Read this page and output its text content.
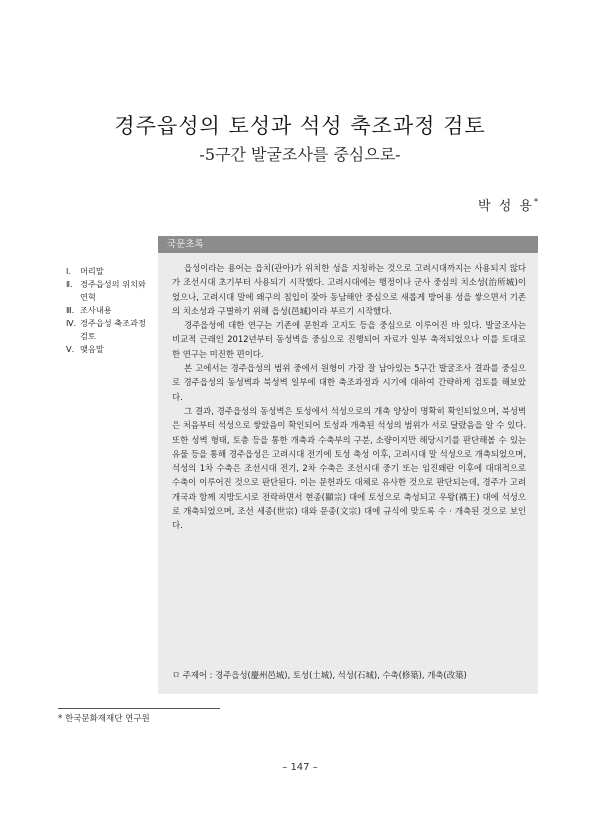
경주읍성의 토성과 석성 축조과정 검토
-5구간 발굴조사를 중심으로-
박 성 용*
Ⅰ.	머리말
Ⅱ. 경주읍성의 위치와
연혁
Ⅲ. 조사내용
Ⅳ. 경주읍성 축조과정
검토
Ⅴ. 맺음말
국문초록

읍성이라는 용어는 읍치(관아)가 위치한 성을 지칭하는 것으로 고려시대까지는 사용되지 않다가 조선시대 초기부터 사용되기 시작했다. 고려시대에는 행정이나 군사 중심의 치소성(治所城)이었으나, 고려시대 말에 왜구의 침입이 잦아 동남해안 중심으로 새롭게 방어용 성을 쌓으면서 기존의 치소성과 구별하기 위해 읍성(邑城)이라 부르기 시작했다.

경주읍성에 대한 연구는 기존에 문헌과 고지도 등을 중심으로 이루어진 바 있다. 발굴조사는 비교적 근래인 2012년부터 동성벽을 중심으로 진행되어 자료가 일부 축적되었으나 이를 토대로 한 연구는 미진한 편이다.

본 고에서는 경주읍성의 범위 중에서 원형이 가장 잘 남아있는 5구간 발굴조사 결과를 중심으로 경주읍성의 동성벽과 북성벽 일부에 대한 축조과정과 시기에 대하여 간략하게 검토를 해보았다.

그 결과, 경주읍성의 동성벽은 토성에서 석성으로의 개축 양상이 명확히 확인되었으며, 북성벽은 처음부터 석성으로 쌓았음이 확인되어 토성과 개축된 석성의 범위가 서로 달랐음을 알 수 있다. 또한 성벽 형태, 토층 등을 통한 개축과 수축부의 구분, 소량이지만 해당시기를 판단해볼 수 있는 유물 등을 통해 경주읍성은 고려시대 전기에 토성 축성 이후, 고려시대 말 석성으로 개축되었으며, 석성의 1차 수축은 조선시대 전기, 2차 수축은 조선시대 중기 또는 임진왜란 이후에 대대적으로 수축이 이루어진 것으로 판단된다. 이는 문헌과도 대체로 유사한 것으로 판단되는데, 경주가 고려 개국과 함께 지방도시로 전락하면서 현종(顯宗) 대에 토성으로 축성되고 우왕(禑王) 대에 석성으로 개축되었으며, 조선 세종(世宗) 대와 문종(文宗) 대에 규식에 맞도록 수 · 개축된 것으로 보인다.

ㅁ 주제어 : 경주읍성(慶州邑城), 토성(土城), 석성(石城), 수축(修築), 개축(改築)
* 한국문화재재단 연구원
– 147 –
